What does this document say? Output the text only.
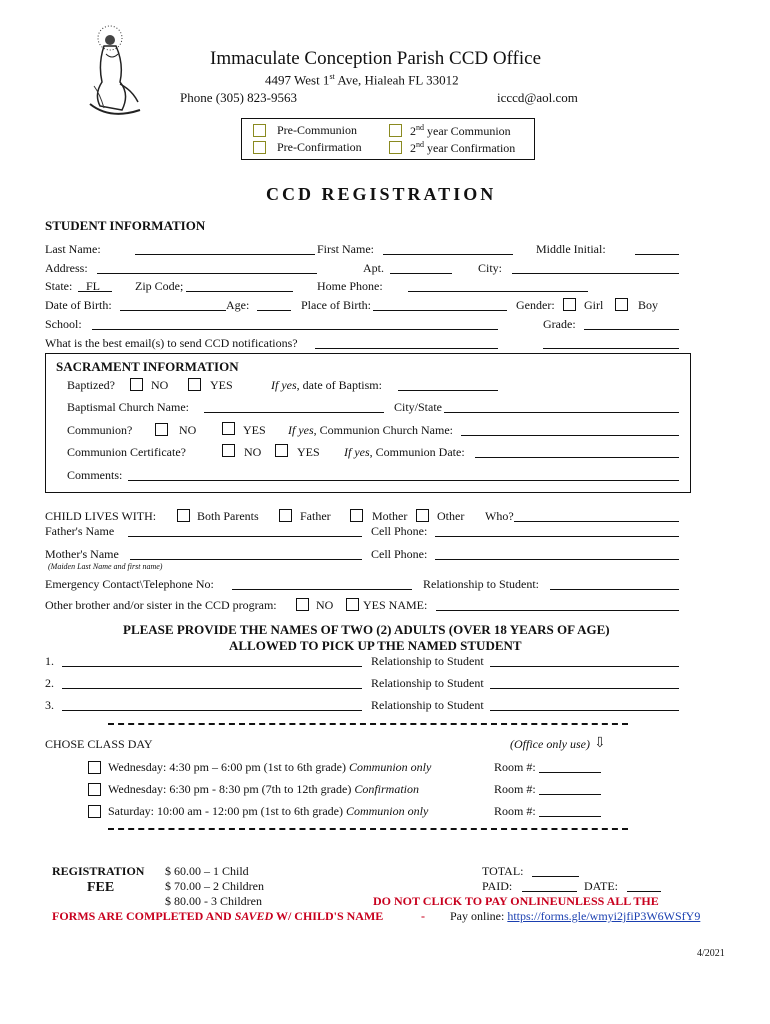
Immaculate Conception Parish CCD Office
4497 West 1st Ave, Hialeah FL 33012
Phone (305) 823-9563	icccd@aol.com
Pre-Communion
Pre-Confirmation
2nd year Communion
2nd year Confirmation
CCD REGISTRATION
STUDENT INFORMATION
Last Name:	First Name:	Middle Initial:
Address:	Apt.	City:
State: FL	Zip Code;	Home Phone:
Date of Birth:	Age:	Place of Birth:	Gender: Girl	Boy
School:	Grade:
What is the best email(s) to send CCD notifications?
SACRAMENT INFORMATION
Baptized?	NO	YES	If yes, date of Baptism:
Baptismal Church Name:	City/State
Communion?	NO	YES If yes, Communion Church Name:
Communion Certificate?	NO	YES If yes, Communion Date:
Comments:
CHILD LIVES WITH:	Both Parents	Father	Mother Other Who?
Father's Name	Cell Phone:
Mother's Name	Cell Phone:
(Maiden Last Name and first name)
Emergency Contact\Telephone No:	Relationship to Student:
Other brother and/or sister in the CCD program:	NO YES NAME:
PLEASE PROVIDE THE NAMES OF TWO (2) ADULTS (OVER 18 YEARS OF AGE)
ALLOWED TO PICK UP THE NAMED STUDENT
1.	Relationship to Student
2.	Relationship to Student
3.	Relationship to Student
CHOSE CLASS DAY	(Office only use) ⇩
Wednesday: 4:30 pm – 6:00 pm (1st to 6th grade) Communion only	Room #:
Wednesday: 6:30 pm - 8:30 pm (7th to 12th grade) Confirmation	Room #:
Saturday: 10:00 am - 12:00 pm (1st to 6th grade) Communion only	Room #:
REGISTRATION
FEE
$ 60.00 – 1 Child
$ 70.00 – 2 Children
$ 80.00 - 3 Children
TOTAL:
PAID:	DATE:
DO NOT CLICK TO PAY ONLINEUNLESS ALL THE
FORMS ARE COMPLETED AND SAVED W/ CHILD'S NAME	- Pay online: https://forms.gle/wmyi2jfiP3W6WSfY9
4/2021
